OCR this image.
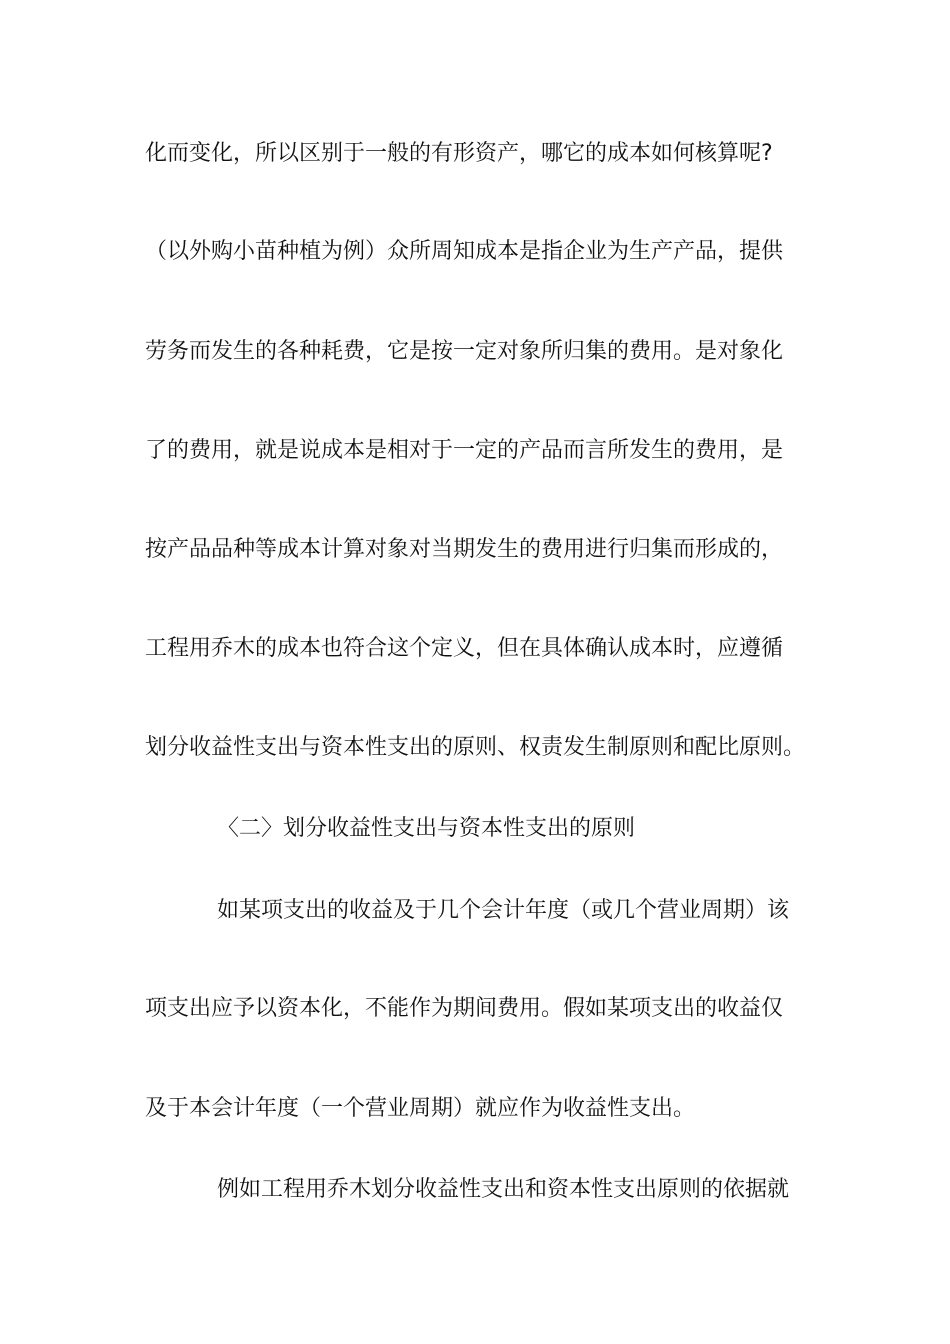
化而变化，所以区别于一般的有形资产，哪它的成本如何核算呢?
（以外购小苗种植为例）众所周知成本是指企业为生产产品，提供
劳务而发生的各种耗费，它是按一定对象所归集的费用。是对象化
了的费用，就是说成本是相对于一定的产品而言所发生的费用，是
按产品品种等成本计算对象对当期发生的费用进行归集而形成的，
工程用乔木的成本也符合这个定义，但在具体确认成本时，应遵循
划分收益性支出与资本性支出的原则、权责发生制原则和配比原则。
〈二〉划分收益性支出与资本性支出的原则
如某项支出的收益及于几个会计年度（或几个营业周期）该
项支出应予以资本化，不能作为期间费用。假如某项支出的收益仅
及于本会计年度（一个营业周期）就应作为收益性支出。
例如工程用乔木划分收益性支出和资本性支出原则的依据就
